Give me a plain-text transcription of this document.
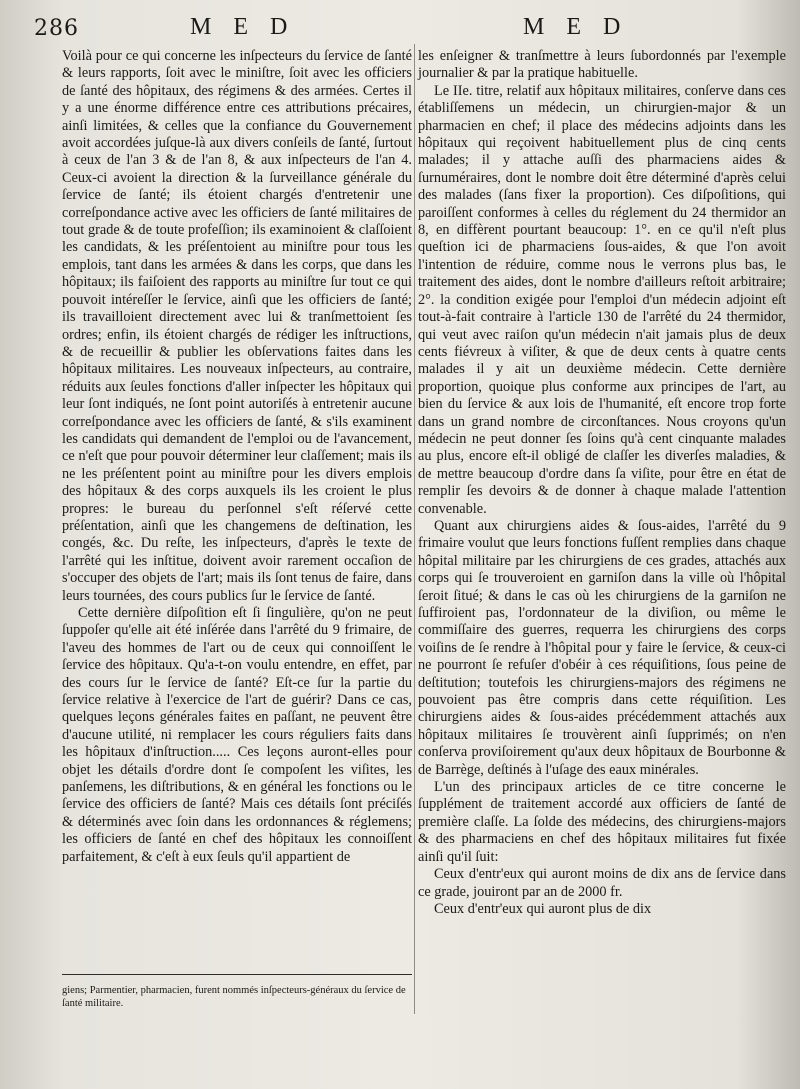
286	M E D	M E D

Voilà pour ce qui concerne les inſpecteurs du ſervice de ſanté & leurs rapports, ſoit avec le miniſtre, ſoit avec les officiers de ſanté des hôpitaux, des régimens & des armées. Certes il y a une énorme différence entre ces attributions précaires, ainſi limitées, & celles que la confiance du Gouvernement avoit accordées juſque-là aux divers conſeils de ſanté, ſurtout à ceux de l'an 3 & de l'an 8, & aux inſpecteurs de l'an 4. Ceux-ci avoient la direction & la ſurveillance générale du ſervice de ſanté; ils étoient chargés d'entretenir une correſpondance active avec les officiers de ſanté militaires de tout grade & de toute profeſſion; ils examinoient & claſſoient les candidats, & les préſentoient au miniſtre pour tous les emplois, tant dans les armées & dans les corps, que dans les hôpitaux; ils faiſoient des rapports au miniſtre ſur tout ce qui pouvoit intéreſſer le ſervice, ainſi que les officiers de ſanté; ils travailloient directement avec lui & tranſmettoient ſes ordres; enfin, ils étoient chargés de rédiger les inſtructions, & de recueillir & publier les obſervations faites dans les hôpitaux militaires. Les nouveaux inſpecteurs, au contraire, réduits aux ſeules fonctions d'aller inſpecter les hôpitaux qui leur ſont indiqués, ne ſont point autoriſés à entretenir aucune correſpondance avec les officiers de ſanté, & s'ils examinent les candidats qui demandent de l'emploi ou de l'avancement, ce n'eſt que pour pouvoir déterminer leur claſſement; mais ils ne les préſentent point au miniſtre pour les divers emplois des hôpitaux & des corps auxquels ils les croient le plus propres: le bureau du perſonnel s'eſt réſervé cette préſentation, ainſi que les changemens de deſtination, les congés, &c. Du reſte, les inſpecteurs, d'après le texte de l'arrêté qui les inſtitue, doivent avoir rarement occaſion de s'occuper des objets de l'art; mais ils ſont tenus de faire, dans leurs tournées, des cours publics ſur le ſervice de ſanté.

Cette dernière diſpoſition eſt ſi ſingulière, qu'on ne peut ſuppoſer qu'elle ait été inſérée dans l'arrêté du 9 frimaire, de l'aveu des hommes de l'art ou de ceux qui connoiſſent le ſervice des hôpitaux. Qu'a-t-on voulu entendre, en effet, par des cours ſur le ſervice de ſanté? Eſt-ce ſur la partie du ſervice relative à l'exercice de l'art de guérir? Dans ce cas, quelques leçons générales faites en paſſant, ne peuvent être d'aucune utilité, ni remplacer les cours réguliers faits dans les hôpitaux d'inſtruction..... Ces leçons auront-elles pour objet les détails d'ordre dont ſe compoſent les viſites, les panſemens, les diſtributions, & en général les fonctions ou le ſervice des officiers de ſanté? Mais ces détails ſont préciſés & déterminés avec ſoin dans les ordonnances & réglemens; les officiers de ſanté en chef des hôpitaux les connoiſſent parfaitement, & c'eſt à eux ſeuls qu'il appartient de

les enſeigner & tranſmettre à leurs ſubordonnés par l'exemple journalier & par la pratique habituelle.

Le IIe. titre, relatif aux hôpitaux militaires, conſerve dans ces établiſſemens un médecin, un chirurgien-major & un pharmacien en chef; il place des médecins adjoints dans les hôpitaux qui reçoivent habituellement plus de cinq cents malades; il y attache auſſi des pharmaciens aides & ſurnuméraires, dont le nombre doit être déterminé d'après celui des malades (ſans fixer la proportion). Ces diſpoſitions, qui paroiſſent conformes à celles du réglement du 24 thermidor an 8, en diffèrent pourtant beaucoup: 1°. en ce qu'il n'eſt plus queſtion ici de pharmaciens ſous-aides, & que l'on avoit l'intention de réduire, comme nous le verrons plus bas, le traitement des aides, dont le nombre d'ailleurs reſtoit arbitraire; 2°. la condition exigée pour l'emploi d'un médecin adjoint eſt tout-à-fait contraire à l'article 130 de l'arrêté du 24 thermidor, qui veut avec raiſon qu'un médecin n'ait jamais plus de deux cents fiévreux à viſiter, & que de deux cents à quatre cents malades il y ait un deuxième médecin. Cette dernière proportion, quoique plus conforme aux principes de l'art, au bien du ſervice & aux lois de l'humanité, eſt encore trop forte dans un grand nombre de circonſtances. Nous croyons qu'un médecin ne peut donner ſes ſoins qu'à cent cinquante malades au plus, encore eſt-il obligé de claſſer les diverſes maladies, & de mettre beaucoup d'ordre dans ſa viſite, pour être en état de remplir ſes devoirs & de donner à chaque malade l'attention convenable.

Quant aux chirurgiens aides & ſous-aides, l'arrêté du 9 frimaire voulut que leurs fonctions fuſſent remplies dans chaque hôpital militaire par les chirurgiens de ces grades, attachés aux corps qui ſe trouveroient en garniſon dans la ville où l'hôpital ſeroit ſitué; & dans le cas où les chirurgiens de la garniſon ne ſuffiroient pas, l'ordonnateur de la diviſion, ou même le commiſſaire des guerres, requerra les chirurgiens des corps voiſins de ſe rendre à l'hôpital pour y faire le ſervice, & ceux-ci ne pourront ſe refuſer d'obéir à ces réquiſitions, ſous peine de deſtitution; toutefois les chirurgiens-majors des régimens ne pouvoient pas être compris dans cette réquiſition. Les chirurgiens aides & ſous-aides précédemment attachés aux hôpitaux militaires ſe trouvèrent ainſi ſupprimés; on n'en conſerva proviſoirement qu'aux deux hôpitaux de Bourbonne & de Barrège, deſtinés à l'uſage des eaux minérales.

L'un des principaux articles de ce titre concerne le ſupplément de traitement accordé aux officiers de ſanté de première claſſe. La ſolde des médecins, des chirurgiens-majors & des pharmaciens en chef des hôpitaux militaires fut fixée ainſi qu'il ſuit:

Ceux d'entr'eux qui auront moins de dix ans de ſervice dans ce grade, jouiront par an de 2000 fr.

Ceux d'entr'eux qui auront plus de dix

giens; Parmentier, pharmacien, furent nommés inſpecteurs-généraux du ſervice de ſanté militaire.
